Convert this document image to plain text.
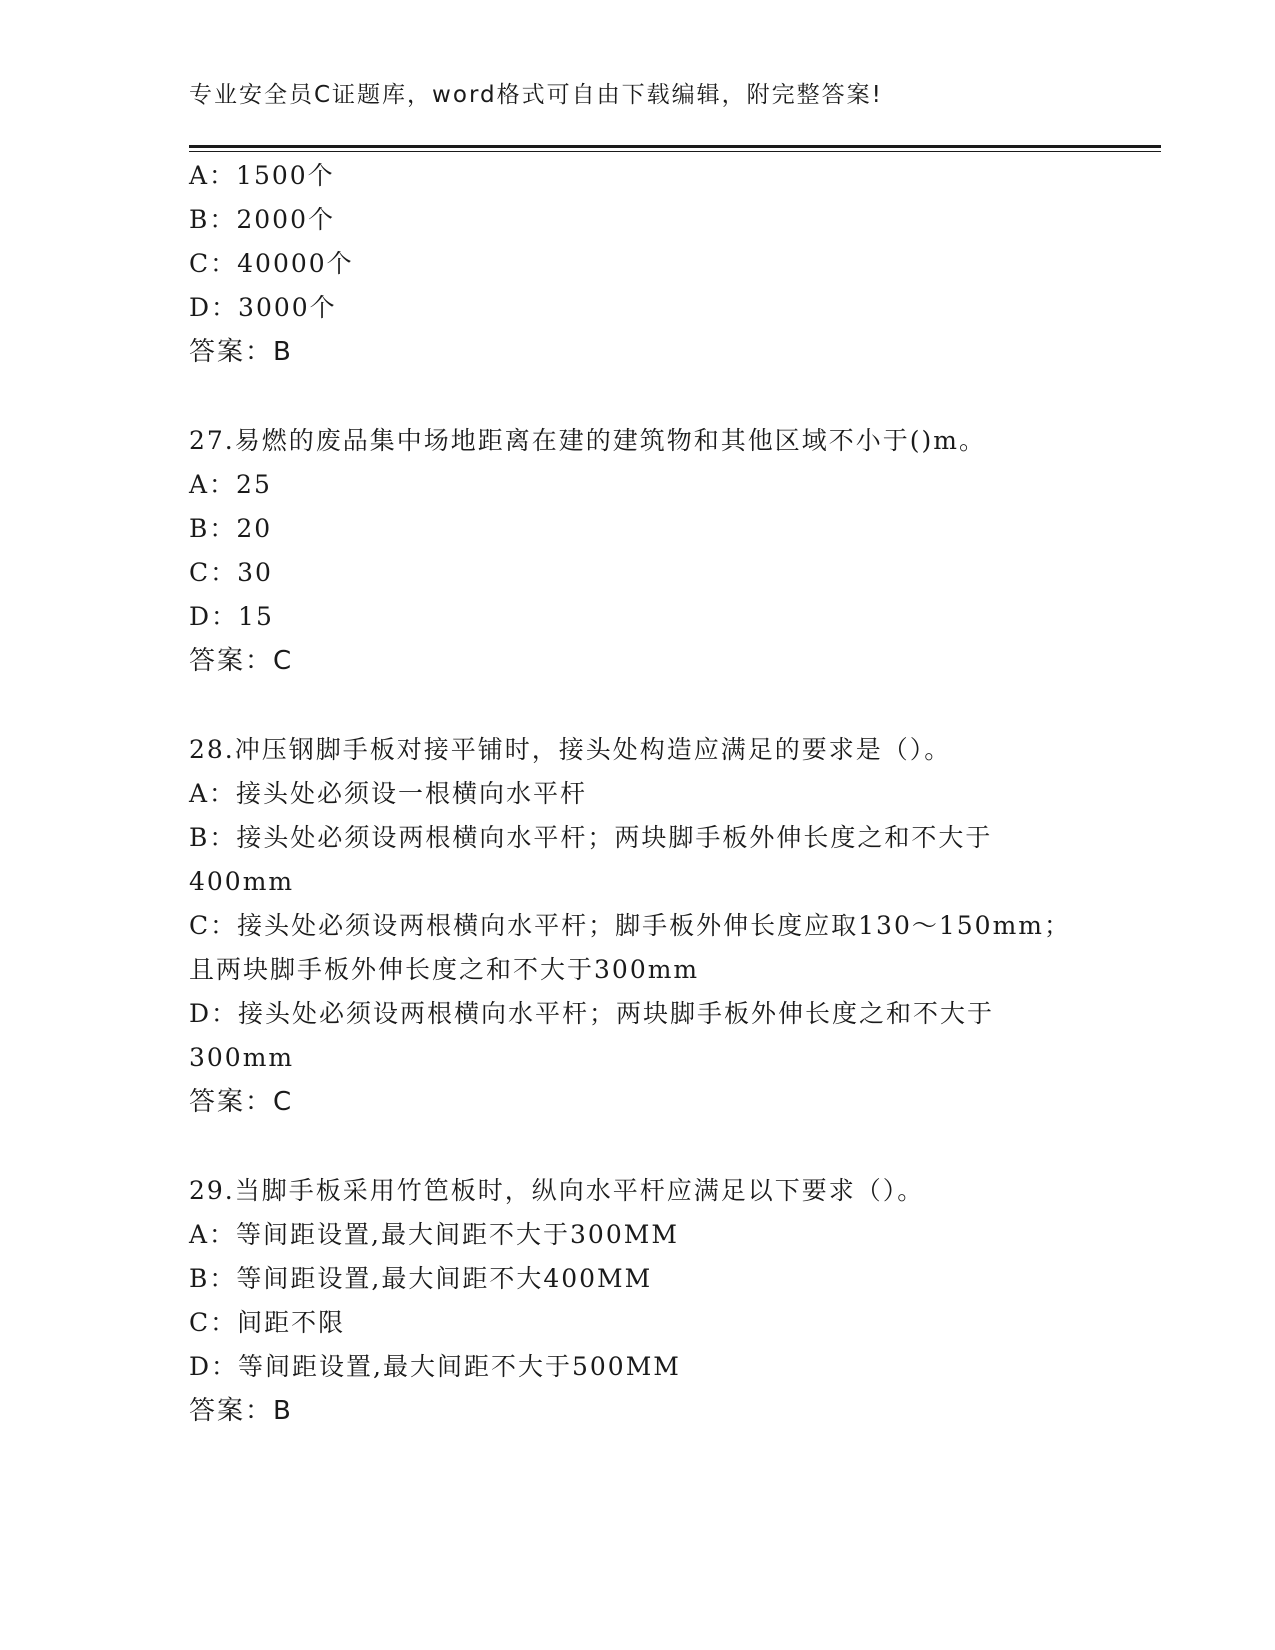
专业安全员C证题库，word格式可自由下载编辑，附完整答案!
A：1500个
B：2000个
C：40000个
D：3000个
答案：B
27.易燃的废品集中场地距离在建的建筑物和其他区域不小于()m。
A：25
B：20
C：30
D：15
答案：C
28.冲压钢脚手板对接平铺时，接头处构造应满足的要求是（）。
A：接头处必须设一根横向水平杆
B：接头处必须设两根横向水平杆；两块脚手板外伸长度之和不大于
400mm
C：接头处必须设两根横向水平杆；脚手板外伸长度应取130～150mm；
且两块脚手板外伸长度之和不大于300mm
D：接头处必须设两根横向水平杆；两块脚手板外伸长度之和不大于
300mm
答案：C
29.当脚手板采用竹笆板时，纵向水平杆应满足以下要求（）。
A：等间距设置,最大间距不大于300MM
B：等间距设置,最大间距不大400MM
C：间距不限
D：等间距设置,最大间距不大于500MM
答案：B
